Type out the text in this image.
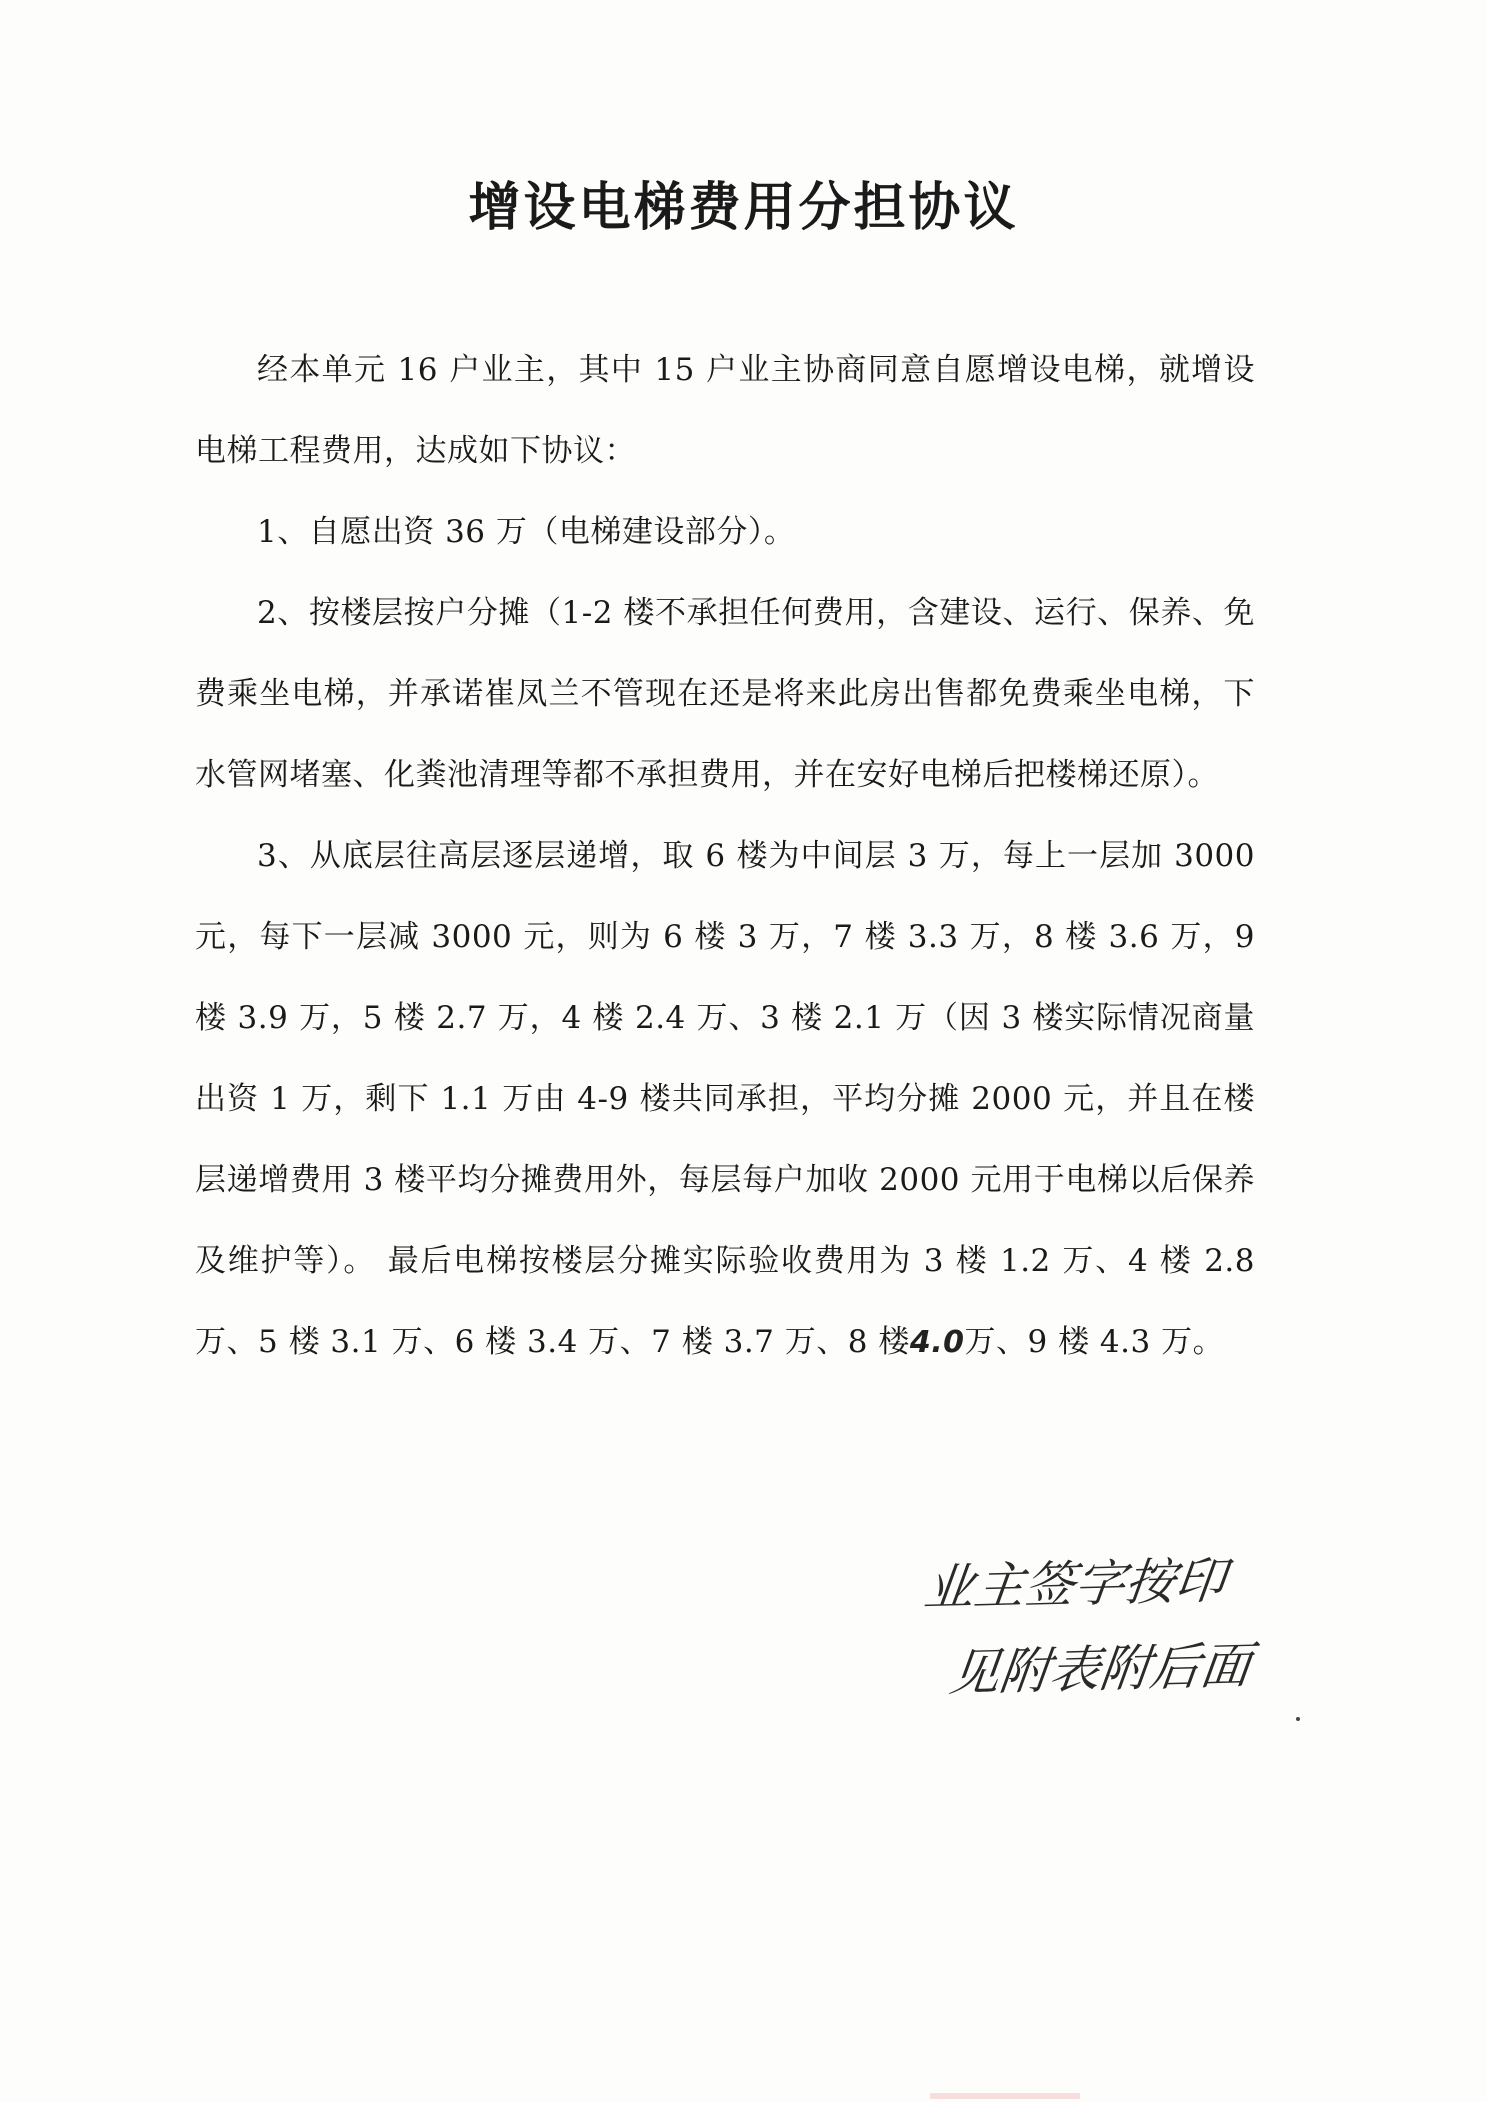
增设电梯费用分担协议

经本单元 16 户业主，其中 15 户业主协商同意自愿增设电梯，就增设电梯工程费用，达成如下协议：

1、自愿出资 36 万（电梯建设部分）。

2、按楼层按户分摊（1-2 楼不承担任何费用，含建设、运行、保养、免费乘坐电梯，并承诺崔凤兰不管现在还是将来此房出售都免费乘坐电梯，下水管网堵塞、化粪池清理等都不承担费用，并在安好电梯后把楼梯还原）。

3、从底层往高层逐层递增，取 6 楼为中间层 3 万，每上一层加 3000 元，每下一层减 3000 元，则为 6 楼 3 万，7 楼 3.3 万，8 楼 3.6 万，9 楼 3.9 万，5 楼 2.7 万，4 楼 2.4 万、3 楼 2.1 万（因 3 楼实际情况商量出资 1 万，剩下 1.1 万由 4-9 楼共同承担，平均分摊 2000 元，并且在楼层递增费用 3 楼平均分摊费用外，每层每户加收 2000 元用于电梯以后保养及维护等）。 最后电梯按楼层分摊实际验收费用为 3 楼 1.2 万、4 楼 2.8 万、5 楼 3.1 万、6 楼 3.4 万、7 楼 3.7 万、8 楼4.0万、9 楼 4.3 万。

业主签字按印
见附表附后面
